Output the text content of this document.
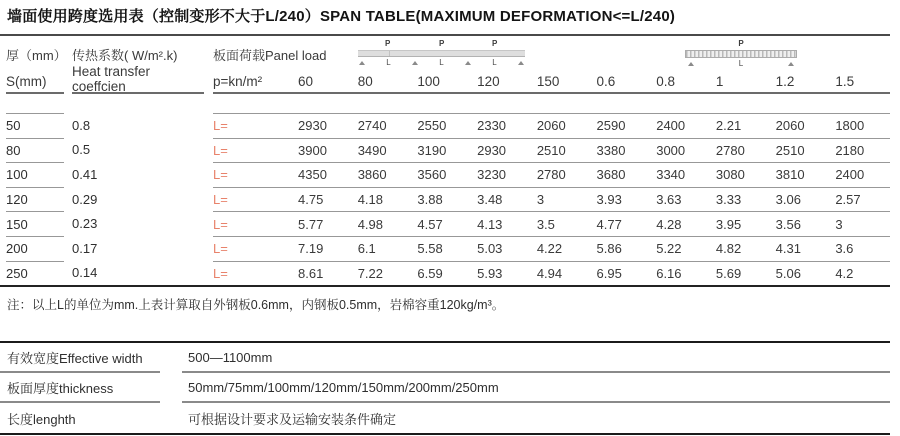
墙面使用跨度选用表（控制变形不大于L/240）SPAN TABLE(MAXIMUM DEFORMATION<=L/240)
厚（mm）
S(mm)
传热系数( W/m².k)
Heat transfer coeffcien
板面荷载Panel load
P	P	P
L	L	L
P
L
p=kn/m²	60	80	100	120	150	0.6	0.8	1	1.2	1.5
50	0.8	L=	2930	2740	2550	2330	2060	2590	2400	2.21	2060	1800
80	0.5	L=	3900	3490	3190	2930	2510	3380	3000	2780	2510	2180
100	0.41	L=	4350	3860	3560	3230	2780	3680	3340	3080	3810	2400
120	0.29	L=	4.75	4.18	3.88	3.48	3	3.93	3.63	3.33	3.06	2.57
150	0.23	L=	5.77	4.98	4.57	4.13	3.5	4.77	4.28	3.95	3.56	3
200	0.17	L=	7.19	6.1	5.58	5.03	4.22	5.86	5.22	4.82	4.31	3.6
250	0.14	L=	8.61	7.22	6.59	5.93	4.94	6.95	6.16	5.69	5.06	4.2
注：以上L的单位为mm.上表计算取自外钢板0.6mm，内钢板0.5mm，岩棉容重120kg/m³。
有效宽度Effective width	500—1100mm
板面厚度thickness	50mm/75mm/100mm/120mm/150mm/200mm/250mm
长度lenghth	可根据设计要求及运输安装条件确定
